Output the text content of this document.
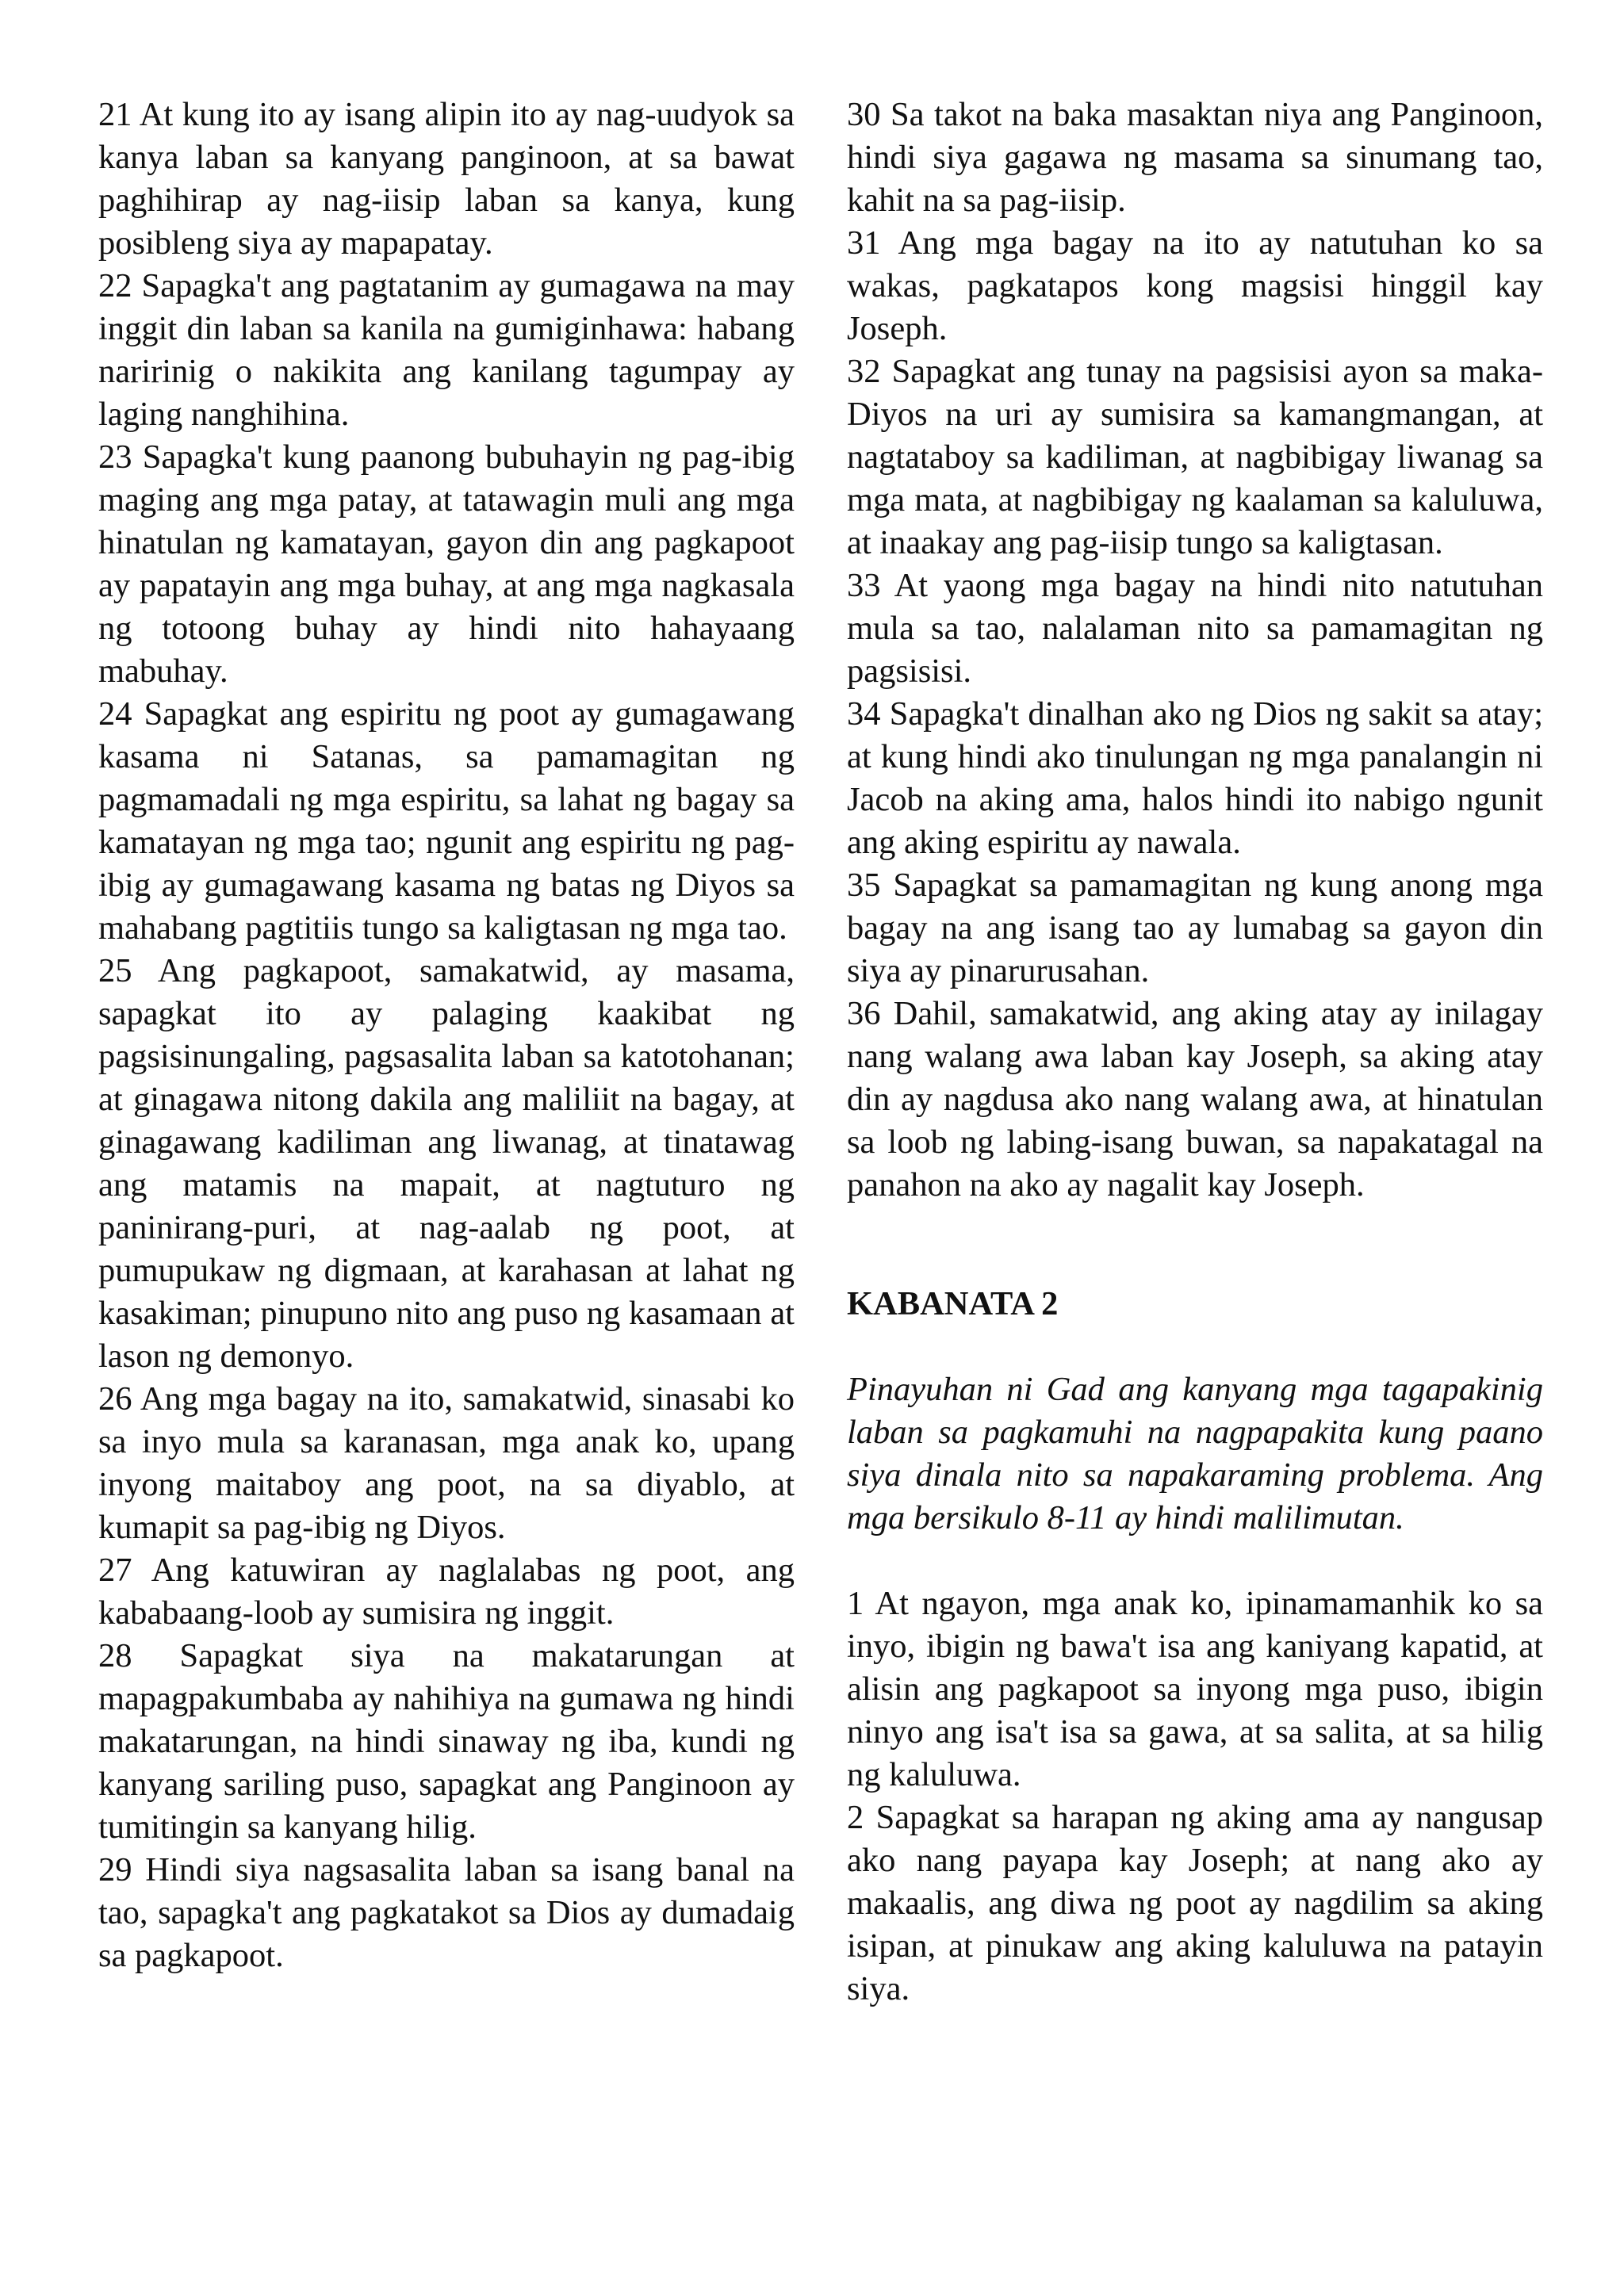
21 At kung ito ay isang alipin ito ay nag-uudyok sa kanya laban sa kanyang panginoon, at sa bawat paghihirap ay nag-iisip laban sa kanya, kung posibleng siya ay mapapatay.

22 Sapagka't ang pagtatanim ay gumagawa na may inggit din laban sa kanila na gumiginhawa: habang naririnig o nakikita ang kanilang tagumpay ay laging nanghihina.

23 Sapagka't kung paanong bubuhayin ng pag-ibig maging ang mga patay, at tatawagin muli ang mga hinatulan ng kamatayan, gayon din ang pagkapoot ay papatayin ang mga buhay, at ang mga nagkasala ng totoong buhay ay hindi nito hahayaang mabuhay.

24 Sapagkat ang espiritu ng poot ay gumagawang kasama ni Satanas, sa pamamagitan ng pagmamadali ng mga espiritu, sa lahat ng bagay sa kamatayan ng mga tao; ngunit ang espiritu ng pag-ibig ay gumagawang kasama ng batas ng Diyos sa mahabang pagtitiis tungo sa kaligtasan ng mga tao.

25 Ang pagkapoot, samakatwid, ay masama, sapagkat ito ay palaging kaakibat ng pagsisinungaling, pagsasalita laban sa katotohanan; at ginagawa nitong dakila ang maliliit na bagay, at ginagawang kadiliman ang liwanag, at tinatawag ang matamis na mapait, at nagtuturo ng paninirang-puri, at nag-aalab ng poot, at pumupukaw ng digmaan, at karahasan at lahat ng kasakiman; pinupuno nito ang puso ng kasamaan at lason ng demonyo.

26 Ang mga bagay na ito, samakatwid, sinasabi ko sa inyo mula sa karanasan, mga anak ko, upang inyong maitaboy ang poot, na sa diyablo, at kumapit sa pag-ibig ng Diyos.

27 Ang katuwiran ay naglalabas ng poot, ang kababaang-loob ay sumisira ng inggit.

28 Sapagkat siya na makatarungan at mapagpakumbaba ay nahihiya na gumawa ng hindi makatarungan, na hindi sinaway ng iba, kundi ng kanyang sariling puso, sapagkat ang Panginoon ay tumitingin sa kanyang hilig.

29 Hindi siya nagsasalita laban sa isang banal na tao, sapagka't ang pagkatakot sa Dios ay dumadaig sa pagkapoot.

30 Sa takot na baka masaktan niya ang Panginoon, hindi siya gagawa ng masama sa sinumang tao, kahit na sa pag-iisip.

31 Ang mga bagay na ito ay natutuhan ko sa wakas, pagkatapos kong magsisi hinggil kay Joseph.

32 Sapagkat ang tunay na pagsisisi ayon sa maka-Diyos na uri ay sumisira sa kamangmangan, at nagtataboy sa kadiliman, at nagbibigay liwanag sa mga mata, at nagbibigay ng kaalaman sa kaluluwa, at inaakay ang pag-iisip tungo sa kaligtasan.

33 At yaong mga bagay na hindi nito natutuhan mula sa tao, nalalaman nito sa pamamagitan ng pagsisisi.

34 Sapagka't dinalhan ako ng Dios ng sakit sa atay; at kung hindi ako tinulungan ng mga panalangin ni Jacob na aking ama, halos hindi ito nabigo ngunit ang aking espiritu ay nawala.

35 Sapagkat sa pamamagitan ng kung anong mga bagay na ang isang tao ay lumabag sa gayon din siya ay pinarurusahan.

36 Dahil, samakatwid, ang aking atay ay inilagay nang walang awa laban kay Joseph, sa aking atay din ay nagdusa ako nang walang awa, at hinatulan sa loob ng labing-isang buwan, sa napakatagal na panahon na ako ay nagalit kay Joseph.

KABANATA 2

Pinayuhan ni Gad ang kanyang mga tagapakinig laban sa pagkamuhi na nagpapakita kung paano siya dinala nito sa napakaraming problema. Ang mga bersikulo 8-11 ay hindi malilimutan.

1 At ngayon, mga anak ko, ipinamamanhik ko sa inyo, ibigin ng bawa't isa ang kaniyang kapatid, at alisin ang pagkapoot sa inyong mga puso, ibigin ninyo ang isa't isa sa gawa, at sa salita, at sa hilig ng kaluluwa.

2 Sapagkat sa harapan ng aking ama ay nangusap ako nang payapa kay Joseph; at nang ako ay makaalis, ang diwa ng poot ay nagdilim sa aking isipan, at pinukaw ang aking kaluluwa na patayin siya.
